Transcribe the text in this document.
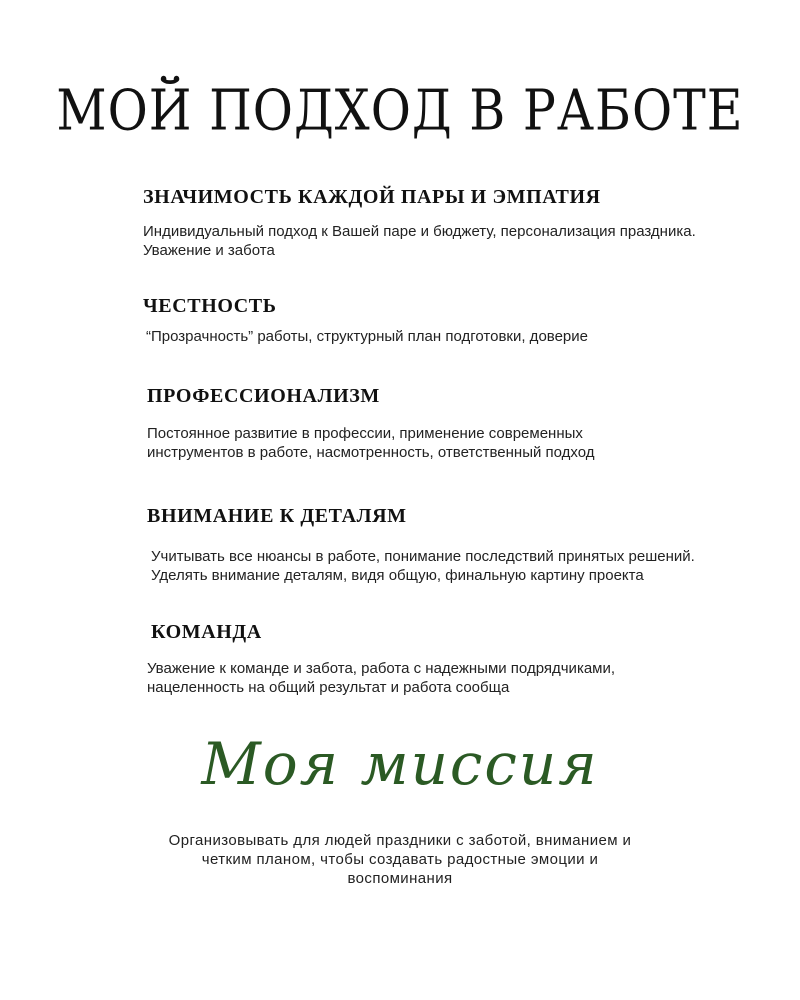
МОЙ ПОДХОД В РАБОТЕ
ЗНАЧИМОСТЬ КАЖДОЙ ПАРЫ И ЭМПАТИЯ

Индивидуальный подход к Вашей паре и бюджету, персонализация праздника. Уважение и забота

ЧЕСТНОСТЬ

“Прозрачность” работы, структурный план подготовки, доверие

ПРОФЕССИОНАЛИЗМ

Постоянное развитие в профессии, применение современных инструментов в работе, насмотренность, ответственный подход

ВНИМАНИЕ К ДЕТАЛЯМ

Учитывать все нюансы в работе, понимание последствий принятых решений. Уделять внимание деталям, видя общую, финальную картину проекта

КОМАНДА

Уважение к команде и забота, работа с надежными подрядчиками, нацеленность на общий результат и работа сообща

Моя миссия

Организовывать для людей праздники с заботой, вниманием и четким планом, чтобы создавать радостные эмоции и воспоминания
